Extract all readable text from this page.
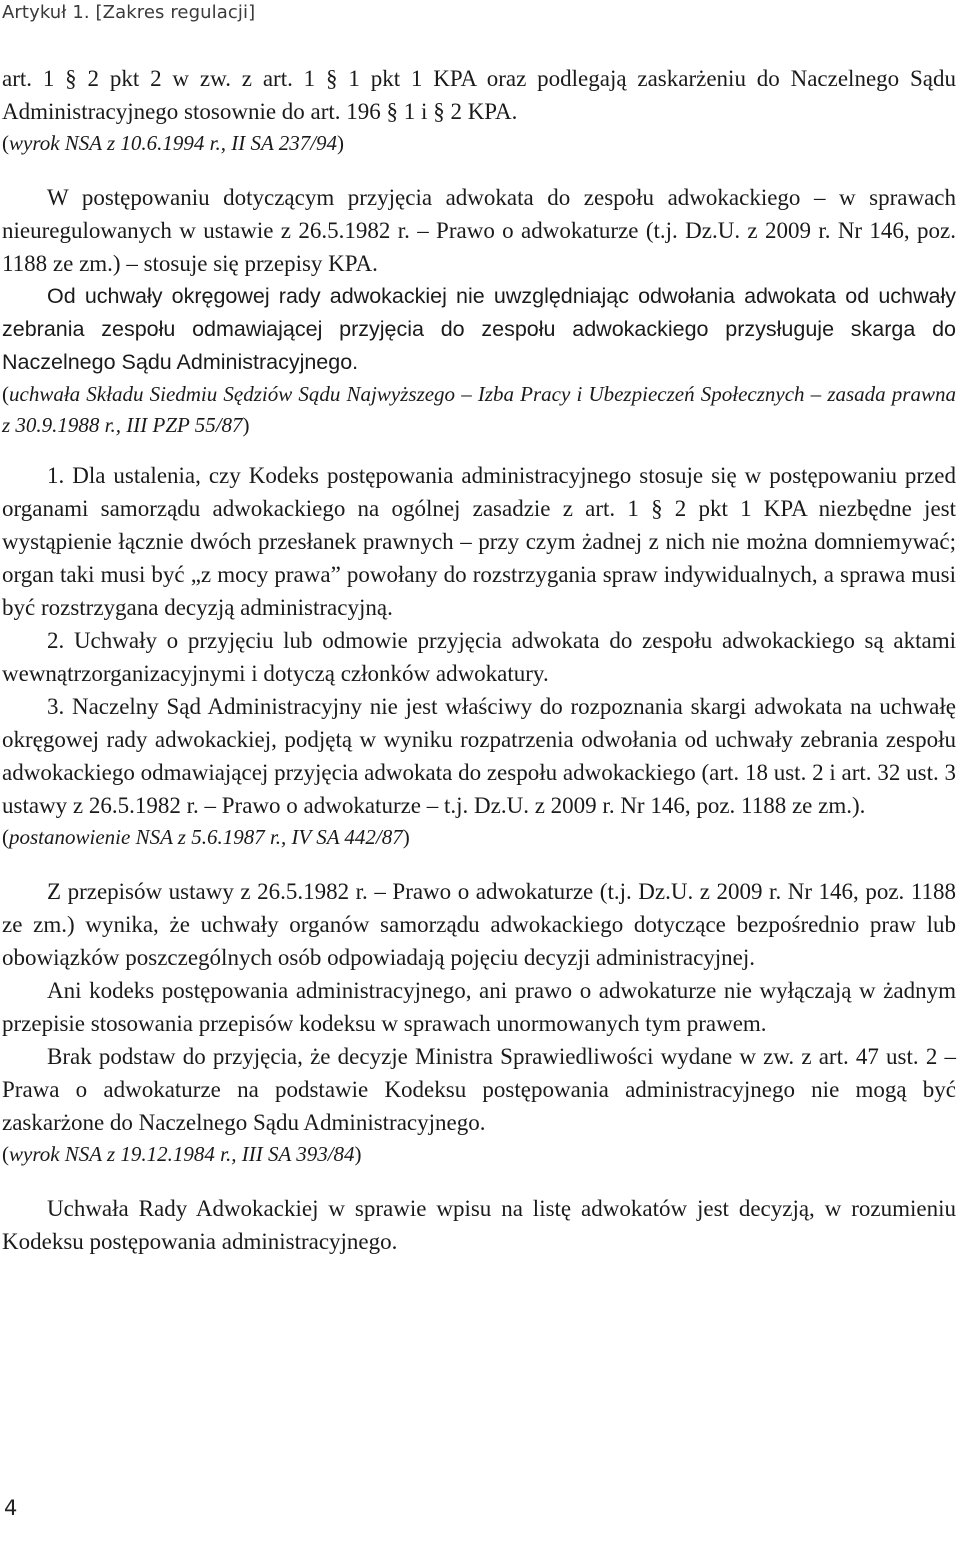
Artykuł 1. [Zakres regulacji]

art. 1 § 2 pkt 2 w zw. z art. 1 § 1 pkt 1 KPA oraz podlegają zaskarżeniu do Naczelnego Sądu Administracyjnego stosownie do art. 196 § 1 i § 2 KPA.

(wyrok NSA z 10.6.1994 r., II SA 237/94)

W postępowaniu dotyczącym przyjęcia adwokata do zespołu adwokackiego – w sprawach nieuregulowanych w ustawie z 26.5.1982 r. – Prawo o adwokaturze (t.j. Dz.U. z 2009 r. Nr 146, poz. 1188 ze zm.) – stosuje się przepisy KPA.

Od uchwały okręgowej rady adwokackiej nie uwzględniając odwołania adwokata od uchwały zebrania zespołu odmawiającej przyjęcia do zespołu adwokackiego przysługuje skarga do Naczelnego Sądu Administracyjnego.

(uchwała Składu Siedmiu Sędziów Sądu Najwyższego – Izba Pracy i Ubezpieczeń Społecznych – zasada prawna z 30.9.1988 r., III PZP 55/87)

1. Dla ustalenia, czy Kodeks postępowania administracyjnego stosuje się w postępowaniu przed organami samorządu adwokackiego na ogólnej zasadzie z art. 1 § 2 pkt 1 KPA niezbędne jest wystąpienie łącznie dwóch przesłanek prawnych – przy czym żadnej z nich nie można domniemywać; organ taki musi być „z mocy prawa” powołany do rozstrzygania spraw indywidualnych, a sprawa musi być rozstrzygana decyzją administracyjną.

2. Uchwały o przyjęciu lub odmowie przyjęcia adwokata do zespołu adwokackiego są aktami wewnątrzorganizacyjnymi i dotyczą członków adwokatury.

3. Naczelny Sąd Administracyjny nie jest właściwy do rozpoznania skargi adwokata na uchwałę okręgowej rady adwokackiej, podjętą w wyniku rozpatrzenia odwołania od uchwały zebrania zespołu adwokackiego odmawiającej przyjęcia adwokata do zespołu adwokackiego (art. 18 ust. 2 i art. 32 ust. 3 ustawy z 26.5.1982 r. – Prawo o adwokaturze – t.j. Dz.U. z 2009 r. Nr 146, poz. 1188 ze zm.).

(postanowienie NSA z 5.6.1987 r., IV SA 442/87)

Z przepisów ustawy z 26.5.1982 r. – Prawo o adwokaturze (t.j. Dz.U. z 2009 r. Nr 146, poz. 1188 ze zm.) wynika, że uchwały organów samorządu adwokackiego dotyczące bezpośrednio praw lub obowiązków poszczególnych osób odpowiadają pojęciu decyzji administracyjnej.

Ani kodeks postępowania administracyjnego, ani prawo o adwokaturze nie wyłączają w żadnym przepisie stosowania przepisów kodeksu w sprawach unormowanych tym prawem.

Brak podstaw do przyjęcia, że decyzje Ministra Sprawiedliwości wydane w zw. z art. 47 ust. 2 – Prawa o adwokaturze na podstawie Kodeksu postępowania administracyjnego nie mogą być zaskarżone do Naczelnego Sądu Administracyjnego.

(wyrok NSA z 19.12.1984 r., III SA 393/84)

Uchwała Rady Adwokackiej w sprawie wpisu na listę adwokatów jest decyzją, w rozumieniu Kodeksu postępowania administracyjnego.

4
